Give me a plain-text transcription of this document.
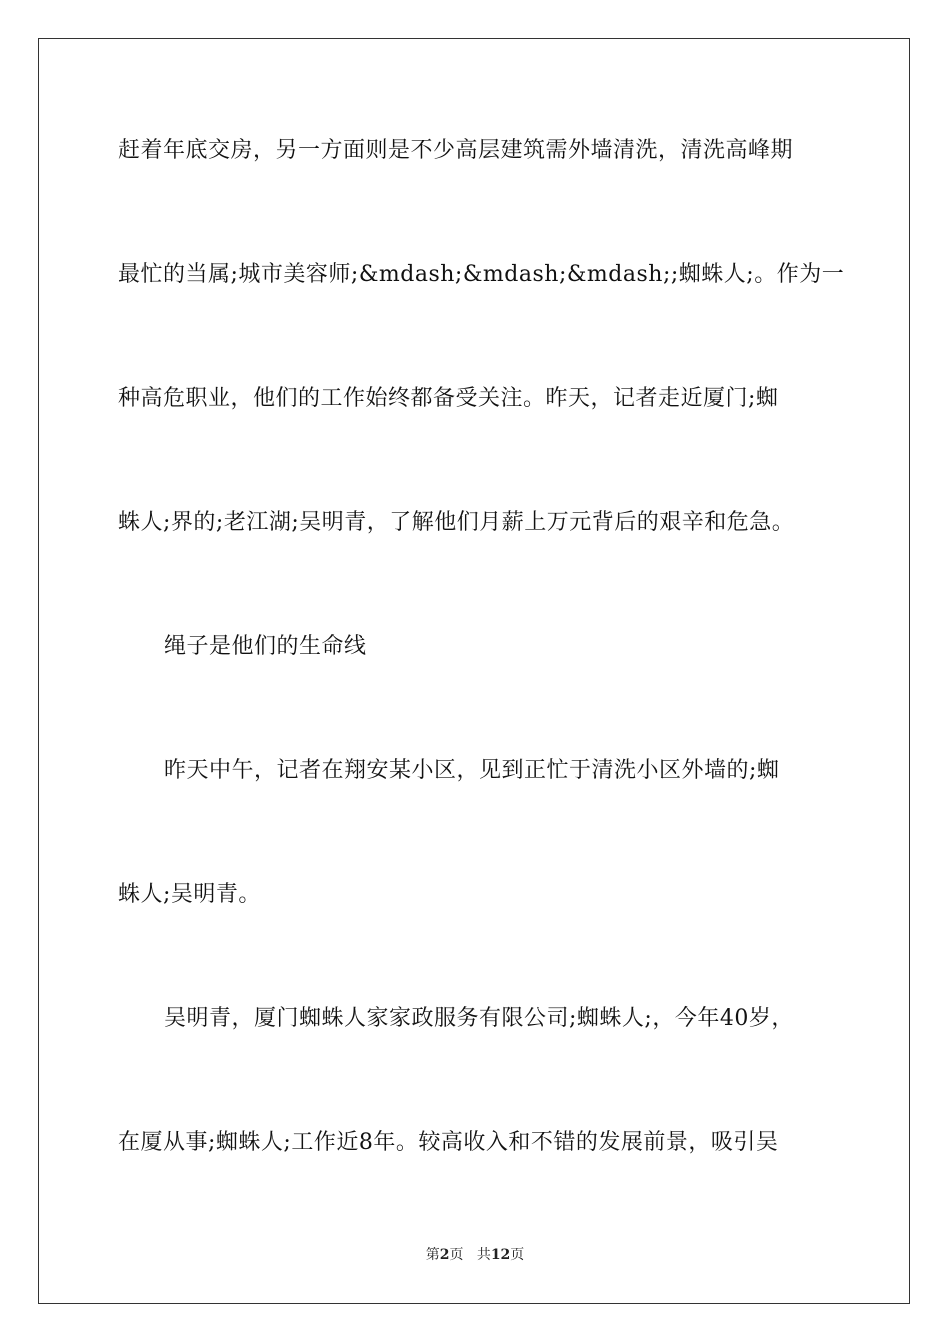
赶着年底交房，另一方面则是不少高层建筑需外墙清洗，清洗高峰期
最忙的当属;城市美容师;&mdash;&mdash;&mdash;;蜘蛛人;。作为一
种高危职业，他们的工作始终都备受关注。昨天，记者走近厦门;蜘
蛛人;界的;老江湖;吴明青，了解他们月薪上万元背后的艰辛和危急。
绳子是他们的生命线
昨天中午，记者在翔安某小区，见到正忙于清洗小区外墙的;蜘
蛛人;吴明青。
吴明青，厦门蜘蛛人家家政服务有限公司;蜘蛛人;，今年40岁，
在厦从事;蜘蛛人;工作近8年。较高收入和不错的发展前景，吸引吴
第2页 共12页
